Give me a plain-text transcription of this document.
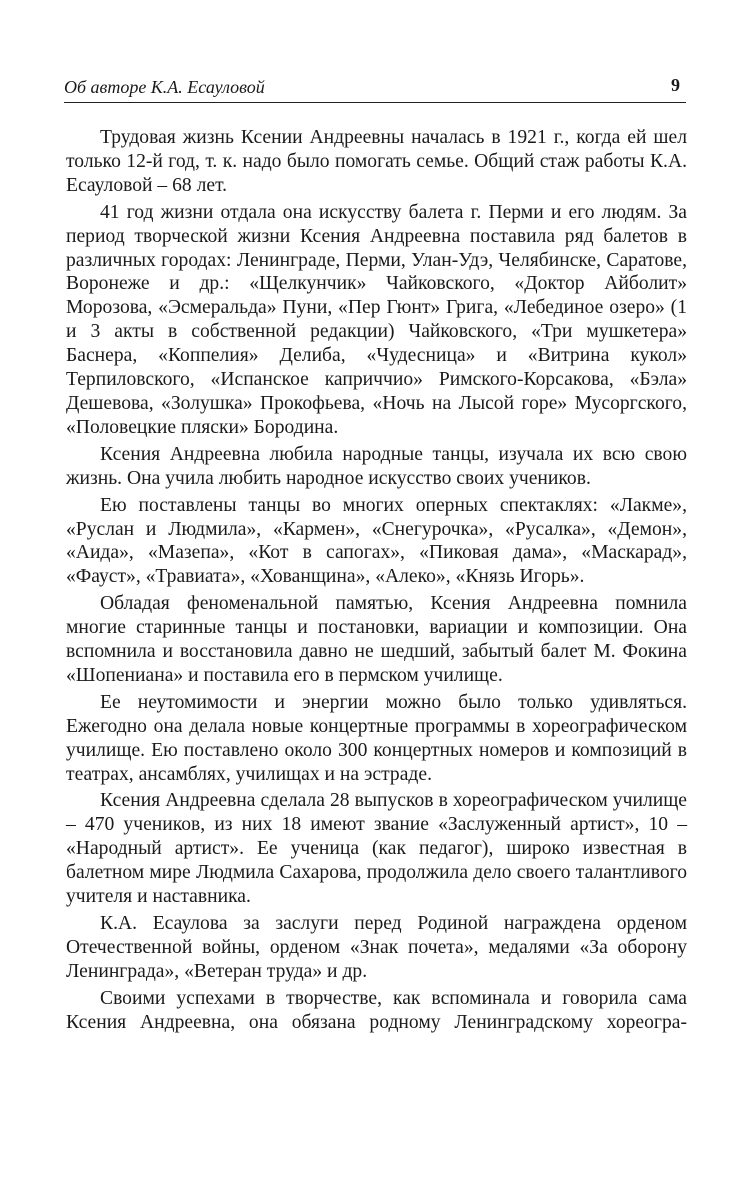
Об авторе К.А. Есауловой	9

Трудовая жизнь Ксении Андреевны началась в 1921 г., когда ей шел только 12-й год, т. к. надо было помогать семье. Общий стаж работы К.А. Есауловой – 68 лет.

41 год жизни отдала она искусству балета г. Перми и его людям. За период творческой жизни Ксения Андреевна поставила ряд балетов в различных городах: Ленинграде, Перми, Улан-Удэ, Челябинске, Саратове, Воронеже и др.: «Щелкунчик» Чайковского, «Доктор Айболит» Морозова, «Эсмеральда» Пуни, «Пер Гюнт» Грига, «Лебединое озеро» (1 и 3 акты в собственной редакции) Чайковского, «Три мушкетера» Баснера, «Коппелия» Делиба, «Чудесница» и «Витрина кукол» Терпиловского, «Испанское каприччио» Римского-Корсакова, «Бэла» Дешевова, «Золушка» Прокофьева, «Ночь на Лысой горе» Мусоргского, «Половецкие пляски» Бородина.

Ксения Андреевна любила народные танцы, изучала их всю свою жизнь. Она учила любить народное искусство своих учеников.

Ею поставлены танцы во многих оперных спектаклях: «Лакме», «Руслан и Людмила», «Кармен», «Снегурочка», «Русалка», «Демон», «Аида», «Мазепа», «Кот в сапогах», «Пиковая дама», «Маскарад», «Фауст», «Травиата», «Хованщина», «Алеко», «Князь Игорь».

Обладая феноменальной памятью, Ксения Андреевна помнила многие старинные танцы и постановки, вариации и композиции. Она вспомнила и восстановила давно не шедший, забытый балет М. Фокина «Шопениана» и поставила его в пермском училище.

Ее неутомимости и энергии можно было только удивляться. Ежегодно она делала новые концертные программы в хореографическом училище. Ею поставлено около 300 концертных номеров и композиций в театрах, ансамблях, училищах и на эстраде.

Ксения Андреевна сделала 28 выпусков в хореографическом училище – 470 учеников, из них 18 имеют звание «Заслуженный артист», 10 – «Народный артист». Ее ученица (как педагог), широко известная в балетном мире Людмила Сахарова, продолжила дело своего талантливого учителя и наставника.

К.А. Есаулова за заслуги перед Родиной награждена орденом Отечественной войны, орденом «Знак почета», медалями «За оборону Ленинграда», «Ветеран труда» и др.

Своими успехами в творчестве, как вспоминала и говорила сама Ксения Андреевна, она обязана родному Ленинградскому хореогра-
